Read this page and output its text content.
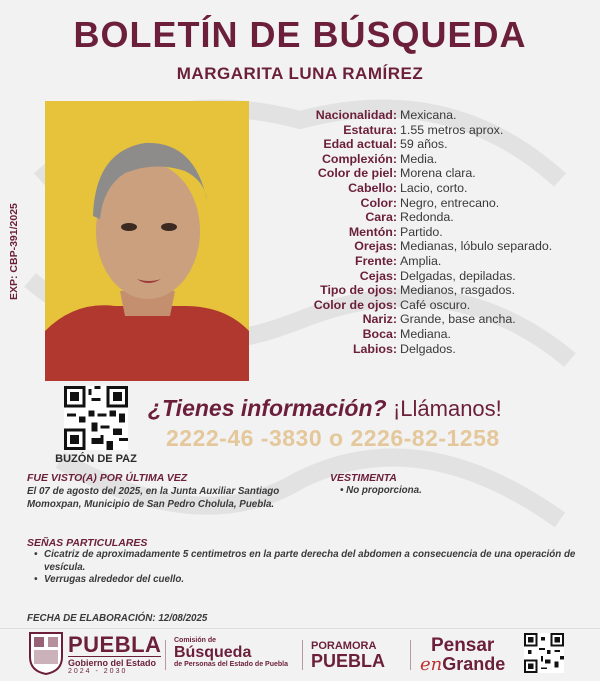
BOLETÍN DE BÚSQUEDA
MARGARITA LUNA RAMÍREZ
EXP: CBP-391/2025
Nacionalidad: Mexicana.
Estatura: 1.55 metros aprox.
Edad actual: 59 años.
Complexión: Media.
Color de piel: Morena clara.
Cabello: Lacio, corto.
Color: Negro, entrecano.
Cara: Redonda.
Mentón: Partido.
Orejas: Medianas, lóbulo separado.
Frente: Amplia.
Cejas: Delgadas, depiladas.
Tipo de ojos: Medianos, rasgados.
Color de ojos: Café oscuro.
Nariz: Grande, base ancha.
Boca: Mediana.
Labios: Delgados.
BUZÓN DE PAZ
¿Tienes información? ¡Llámanos!
2222-46 -3830 o 2226-82-1258
FUE VISTO(A) POR ÚLTIMA VEZ
El 07 de agosto del 2025, en la Junta Auxiliar Santiago Momoxpan, Municipio de San Pedro Cholula, Puebla.
VESTIMENTA
• No proporciona.
SEÑAS PARTICULARES
• Cicatriz de aproximadamente 5 centimetros en la parte derecha del abdomen a consecuencia de una operación de vesícula.
• Verrugas alrededor del cuello.
FECHA DE ELABORACIÓN: 12/08/2025
PUEBLA
Gobierno del Estado
2024 - 2030
Comisión de
Búsqueda
de Personas del Estado de Puebla
PORAMORA
PUEBLA
Pensar
enGrande
